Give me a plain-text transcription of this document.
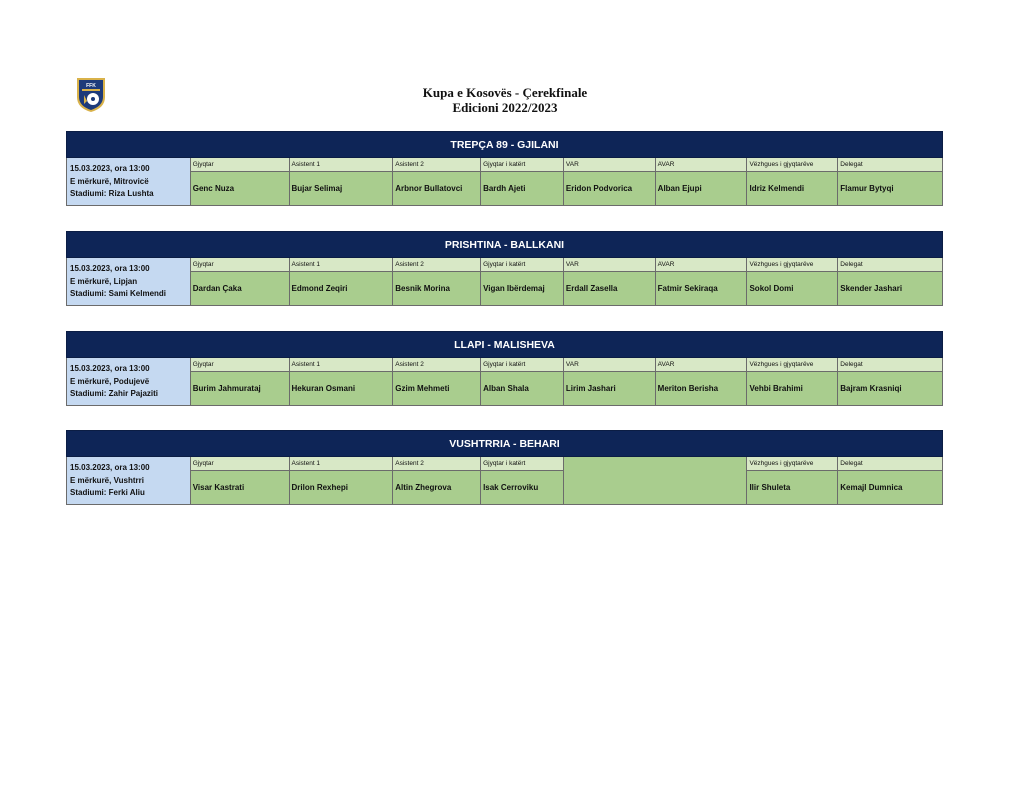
FFK	Kupa e Kosovës - Çerekfinale
Edicioni 2022/2023
TREPÇA 89 - GJILANI
15.03.2023, ora 13:00
E mërkurë, Mitrovicë
Stadiumi: Riza Lushta
Gjyqtar
Genc Nuza
Asistent 1
Bujar Selimaj
Asistent 2
Arbnor Bullatovci
Gjyqtar i katërt
Bardh Ajeti
VAR
Eridon Podvorica
AVAR
Alban Ejupi
Vëzhgues i gjyqtarëve
Idriz Kelmendi
Delegat
Flamur Bytyqi
PRISHTINA - BALLKANI
15.03.2023, ora 13:00
E mërkurë, Lipjan
Stadiumi: Sami Kelmendi
Gjyqtar
Dardan Çaka
Asistent 1
Edmond Zeqiri
Asistent 2
Besnik Morina
Gjyqtar i katërt
Vigan Ibërdemaj
VAR
Erdall Zasella
AVAR
Fatmir Sekiraqa
Vëzhgues i gjyqtarëve
Sokol Domi
Delegat
Skender Jashari
LLAPI - MALISHEVA
15.03.2023, ora 13:00
E mërkurë, Podujevë
Stadiumi: Zahir Pajaziti
Gjyqtar
Burim Jahmurataj
Asistent 1
Hekuran Osmani
Asistent 2
Gzim Mehmeti
Gjyqtar i katërt
Alban Shala
VAR
Lirim Jashari
AVAR
Meriton Berisha
Vëzhgues i gjyqtarëve
Vehbi Brahimi
Delegat
Bajram Krasniqi
VUSHTRRIA - BEHARI
15.03.2023, ora 13:00
E mërkurë, Vushtrri
Stadiumi: Ferki Aliu
Gjyqtar
Visar Kastrati
Asistent 1
Drilon Rexhepi
Asistent 2
Altin Zhegrova
Gjyqtar i katërt
Isak Cerroviku
Vëzhgues i gjyqtarëve
Ilir Shuleta
Delegat
Kemajl Dumnica
